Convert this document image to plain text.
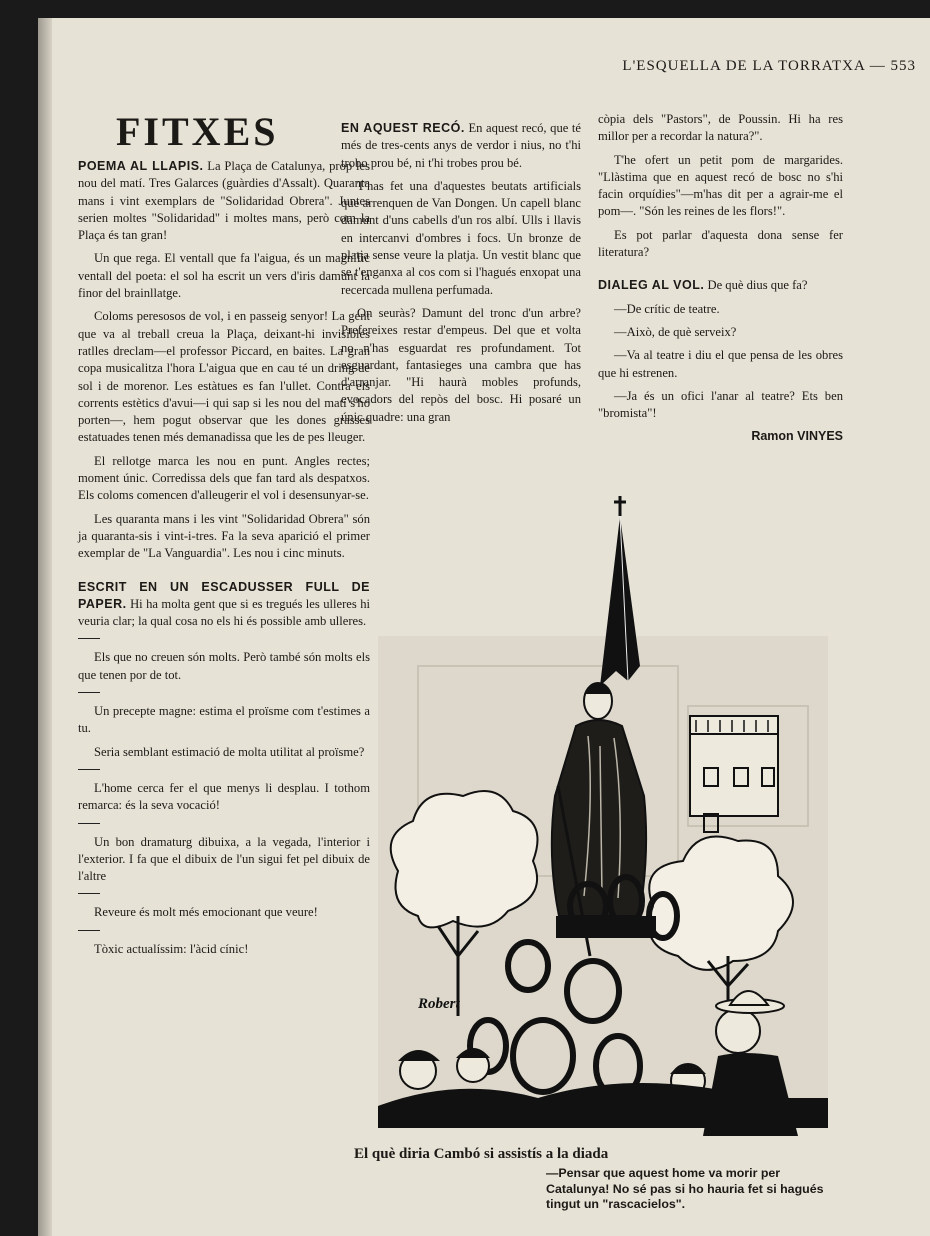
L'ESQUELLA DE LA TORRATXA — 553
FITXES

POEMA AL LLAPIS. La Plaça de Catalunya, prop les nou del matí. Tres Galarces (guàrdies d'Assalt). Quaranta mans i vint exemplars de "Solidaridad Obrera". Juntes serien moltes "Solidaridad" i moltes mans, però com la Plaça és tan gran!

Un que rega. El ventall que fa l'aigua, és un magnífic ventall del poeta: el sol ha escrit un vers d'iris damunt la finor del brainllatge.

Coloms peresosos de vol, i en passeig senyor! La gent que va al treball creua la Plaça, deixant-hi invisibles ratlles dreclam—el professor Piccard, en baites. La gran copa musicalitza l'hora L'aigua que en cau té un dring de sol i de morenor. Les estàtues es fan l'ullet. Contra els corrents estètics d'avui—i qui sap si les nou del matí s'ho porten—, hem pogut observar que les dones grasses estatuades tenen més demanadissa que les de pes lleuger.

El rellotge marca les nou en punt. Angles rectes; moment únic. Corredissa dels que fan tard als despatxos. Els coloms comencen d'alleugerir el vol i desensunyar-se.

Les quaranta mans i les vint "Solidaridad Obrera" són ja quaranta-sis i vint-i-tres. Fa la seva aparició el primer exemplar de "La Vanguardia". Les nou i cinc minuts.

ESCRIT EN UN ESCADUSSER FULL DE PAPER. Hi ha molta gent que si es tregués les ulleres hi veuria clar; la qual cosa no els hi és possible amb ulleres.

Els que no creuen són molts. Però també són molts els que tenen por de tot.

Un precepte magne: estima el proïsme com t'estimes a tu.

Seria semblant estimació de molta utilitat al proïsme?

L'home cerca fer el que menys li desplau. I tothom remarca: és la seva vocació!

Un bon dramaturg dibuixa, a la vegada, l'interior i l'exterior. I fa que el dibuix de l'un sigui fet pel dibuix de l'altre

Reveure és molt més emocionant que veure!

Tòxic actualíssim: l'àcid cínic!

EN AQUEST RECÓ. En aquest recó, que té més de tres-cents anys de verdor i nius, no t'hi trobo prou bé, ni t'hi trobes prou bé.

T'has fet una d'aquestes beutats artificials que arrenquen de Van Dongen. Un capell blanc damunt d'uns cabells d'un ros albí. Ulls i llavis en intercanvi d'ombres i focs. Un bronze de platja sense veure la platja. Un vestit blanc que se t'enganxa al cos com si l'hagués enxopat una recercada mullena perfumada.

On seuràs? Damunt del tronc d'un arbre? Prefereixes restar d'empeus. Del que et volta no n'has esguardat res profundament. Tot esguardant, fantasieges una cambra que has d'arranjar. "Hi haurà mobles profunds, evocadors del repòs del bosc. Hi posaré un únic quadre: una gran

còpia dels "Pastors", de Poussin. Hi ha res millor per a recordar la natura?".

T'he ofert un petit pom de margarides. "Llàstima que en aquest recó de bosc no s'hi facin orquídies"—m'has dit per a agrair-me el pom—. "Són les reines de les flors!".

Es pot parlar d'aquesta dona sense fer literatura?

DIALEG AL VOL. De què dius que fa?

—De crític de teatre.

—Això, de què serveix?

—Va al teatre i diu el que pensa de les obres que hi estrenen.

—Ja és un ofici l'anar al teatre? Ets ben "bromista"!

Ramon VINYES
Robert
El què diria Cambó si assistís a la diada
—Pensar que aquest home va morir per Catalunya! No sé pas si ho hauria fet si hagués tingut un "rascacielos".
